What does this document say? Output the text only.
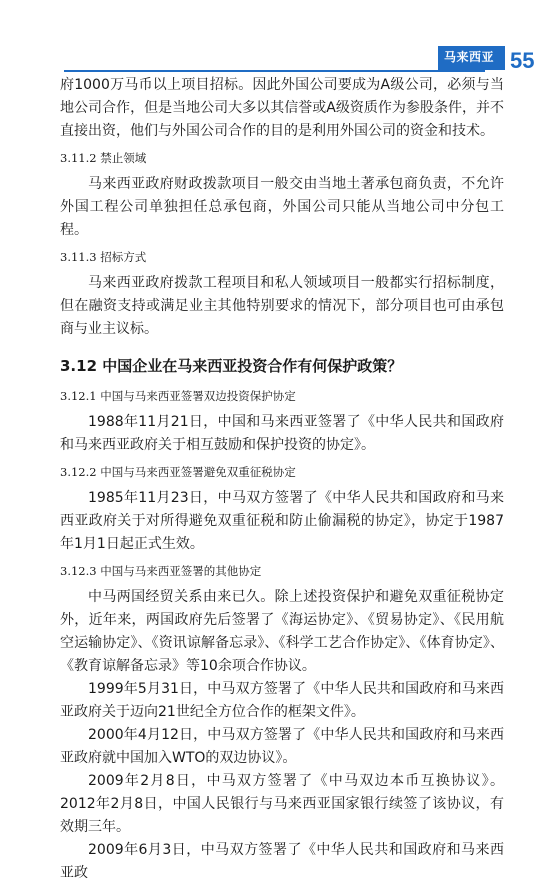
马来西亚 55

府1000万马币以上项目招标。因此外国公司要成为A级公司，必须与当地公司合作，但是当地公司大多以其信誉或A级资质作为参股条件，并不直接出资，他们与外国公司合作的目的是利用外国公司的资金和技术。

3.11.2 禁止领域

马来西亚政府财政拨款项目一般交由当地土著承包商负责，不允许外国工程公司单独担任总承包商，外国公司只能从当地公司中分包工程。

3.11.3 招标方式

马来西亚政府拨款工程项目和私人领域项目一般都实行招标制度，但在融资支持或满足业主其他特别要求的情况下，部分项目也可由承包商与业主议标。

3.12 中国企业在马来西亚投资合作有何保护政策？

3.12.1 中国与马来西亚签署双边投资保护协定

1988年11月21日，中国和马来西亚签署了《中华人民共和国政府和马来西亚政府关于相互鼓励和保护投资的协定》。

3.12.2 中国与马来西亚签署避免双重征税协定

1985年11月23日，中马双方签署了《中华人民共和国政府和马来西亚政府关于对所得避免双重征税和防止偷漏税的协定》，协定于1987年1月1日起正式生效。

3.12.3 中国与马来西亚签署的其他协定

中马两国经贸关系由来已久。除上述投资保护和避免双重征税协定外，近年来，两国政府先后签署了《海运协定》、《贸易协定》、《民用航空运输协定》、《资讯谅解备忘录》、《科学工艺合作协定》、《体育协定》、《教育谅解备忘录》等10余项合作协议。

1999年5月31日，中马双方签署了《中华人民共和国政府和马来西亚政府关于迈向21世纪全方位合作的框架文件》。

2000年4月12日，中马双方签署了《中华人民共和国政府和马来西亚政府就中国加入WTO的双边协议》。

2009年2月8日，中马双方签署了《中马双边本币互换协议》。2012年2月8日，中国人民银行与马来西亚国家银行续签了该协议，有效期三年。

2009年6月3日，中马双方签署了《中华人民共和国政府和马来西亚政
